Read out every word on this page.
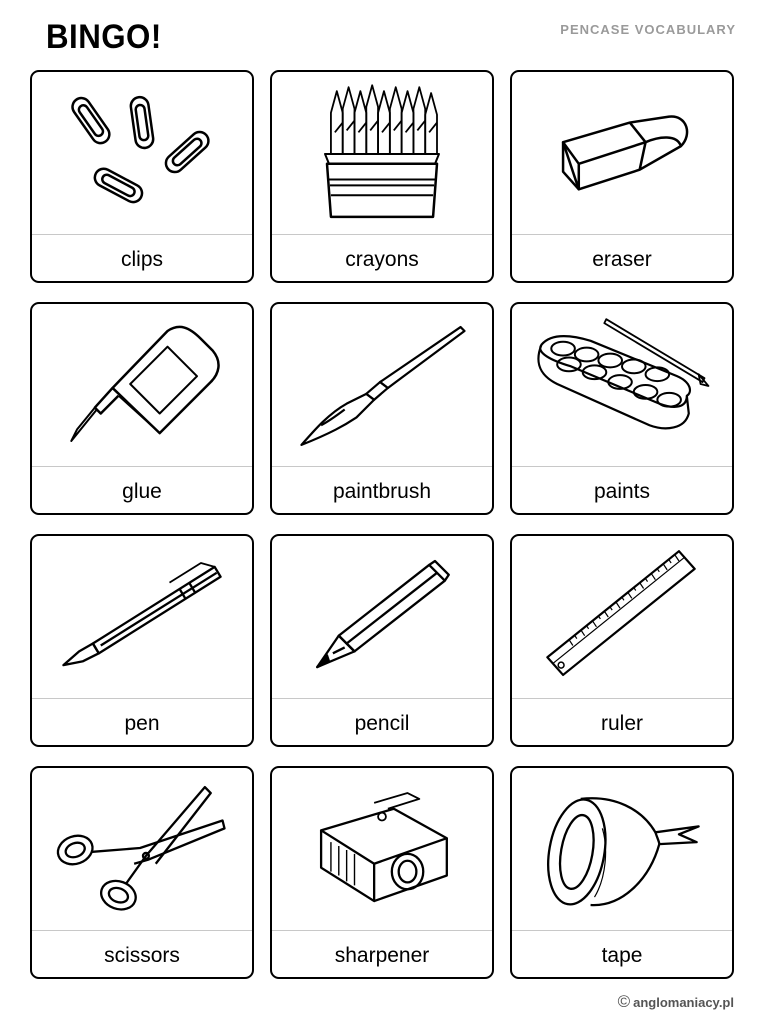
BINGO!	PENCASE VOCABULARY
clips	crayons	eraser
glue	paintbrush	paints
pen	pencil	ruler
scissors	sharpener	tape
© anglomaniacy.pl
